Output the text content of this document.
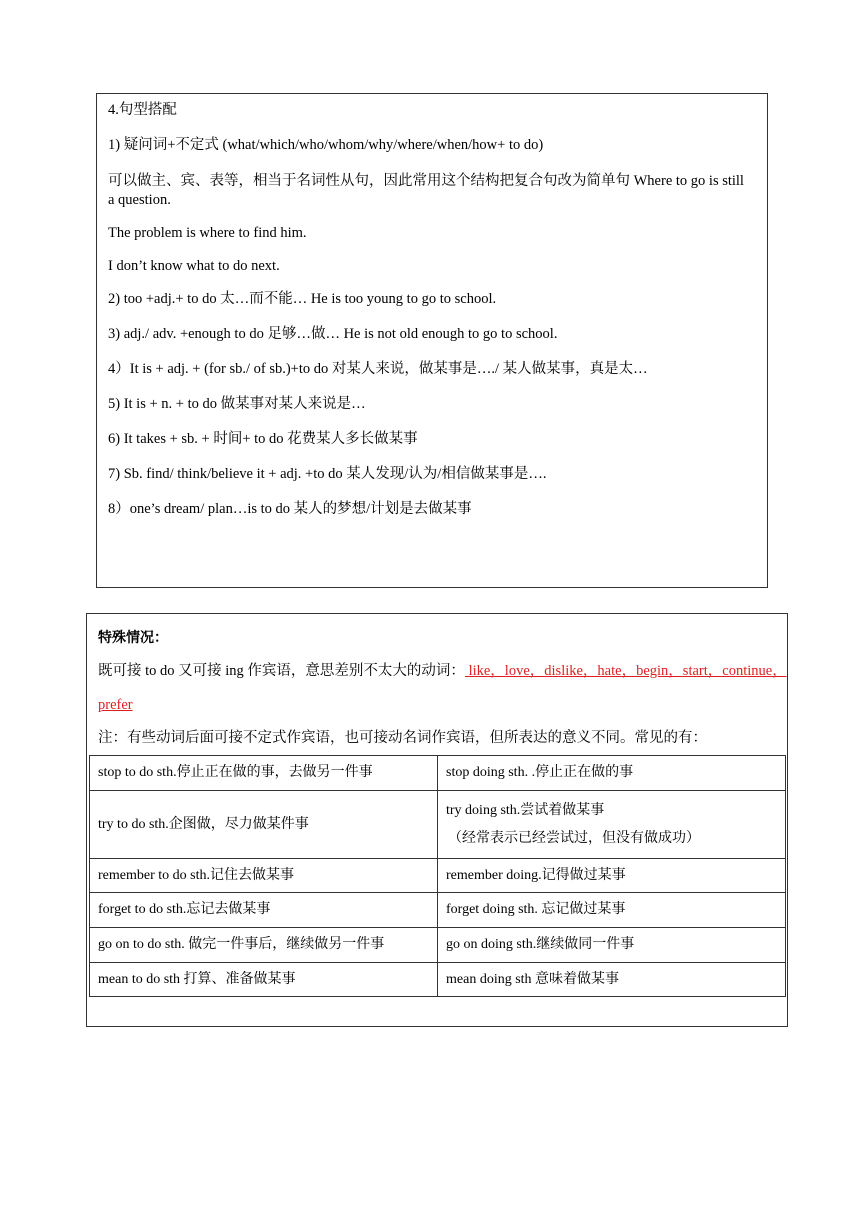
4.句型搭配
1) 疑问词+不定式 (what/which/who/whom/why/where/when/how+ to do)
可以做主、宾、表等，相当于名词性从句，因此常用这个结构把复合句改为简单句 Where to go is still a question.
The problem is where to find him.
I don’t know what to do next.
2) too +adj.+ to do 太…而不能… He is too young to go to school.
3) adj./ adv. +enough to do 足够…做… He is not old enough to go to school.
4）It is + adj. + (for sb./ of sb.)+to do 对某人来说，做某事是…./ 某人做某事，真是太…
5) It is + n. + to do 做某事对某人来说是…
6) It takes + sb. + 时间+ to do 花费某人多长做某事
7) Sb. find/ think/believe it + adj. +to do 某人发现/认为/相信做某事是….
8）one’s dream/ plan…is to do 某人的梦想/计划是去做某事
特殊情况：
既可接 to do 又可接 ing 作宾语，意思差别不太大的动词： like，love，dislike，hate，begin，start，continue，
prefer
注：有些动词后面可接不定式作宾语，也可接动名词作宾语，但所表达的意义不同。常见的有：
stop to do sth.停止正在做的事，去做另一件事	stop doing sth. .停止正在做的事
try to do sth.企图做，尽力做某件事	try doing sth.尝试着做某事
（经常表示已经尝试过，但没有做成功）

remember to do sth.记住去做某事	remember doing.记得做过某事
forget to do sth.忘记去做某事	forget doing sth. 忘记做过某事
go on to do sth. 做完一件事后，继续做另一件事	go on doing sth.继续做同一件事
mean to do sth 打算、准备做某事	mean doing sth 意味着做某事
